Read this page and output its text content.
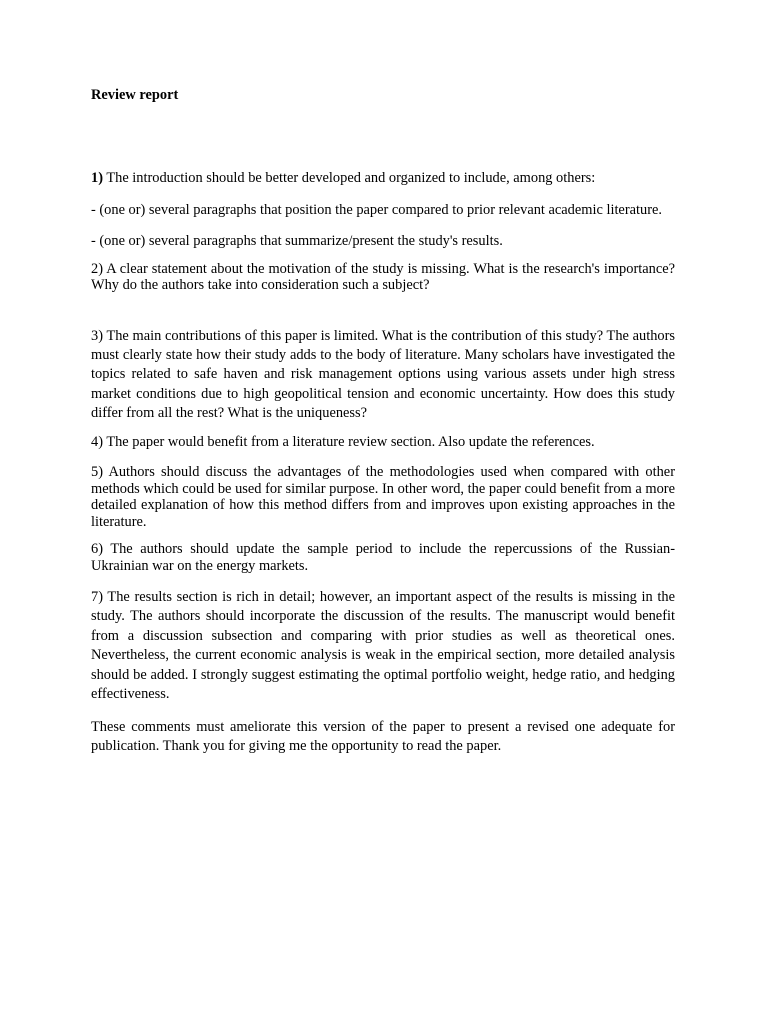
Review report

1) The introduction should be better developed and organized to include, among others:

- (one or) several paragraphs that position the paper compared to prior relevant academic literature.

- (one or) several paragraphs that summarize/present the study's results.

2) A clear statement about the motivation of the study is missing. What is the research's importance? Why do the authors take into consideration such a subject?

3) The main contributions of this paper is limited. What is the contribution of this study? The authors must clearly state how their study adds to the body of literature. Many scholars have investigated the topics related to safe haven and risk management options using various assets under high stress market conditions due to high geopolitical tension and economic uncertainty. How does this study differ from all the rest? What is the uniqueness?

4) The paper would benefit from a literature review section. Also update the references.

5) Authors should discuss the advantages of the methodologies used when compared with other methods which could be used for similar purpose. In other word, the paper could benefit from a more detailed explanation of how this method differs from and improves upon existing approaches in the literature.

6) The authors should update the sample period to include the repercussions of the Russian-Ukrainian war on the energy markets.

7) The results section is rich in detail; however, an important aspect of the results is missing in the study. The authors should incorporate the discussion of the results. The manuscript would benefit from a discussion subsection and comparing with prior studies as well as theoretical ones. Nevertheless, the current economic analysis is weak in the empirical section, more detailed analysis should be added. I strongly suggest estimating the optimal portfolio weight, hedge ratio, and hedging effectiveness.

These comments must ameliorate this version of the paper to present a revised one adequate for publication. Thank you for giving me the opportunity to read the paper.
